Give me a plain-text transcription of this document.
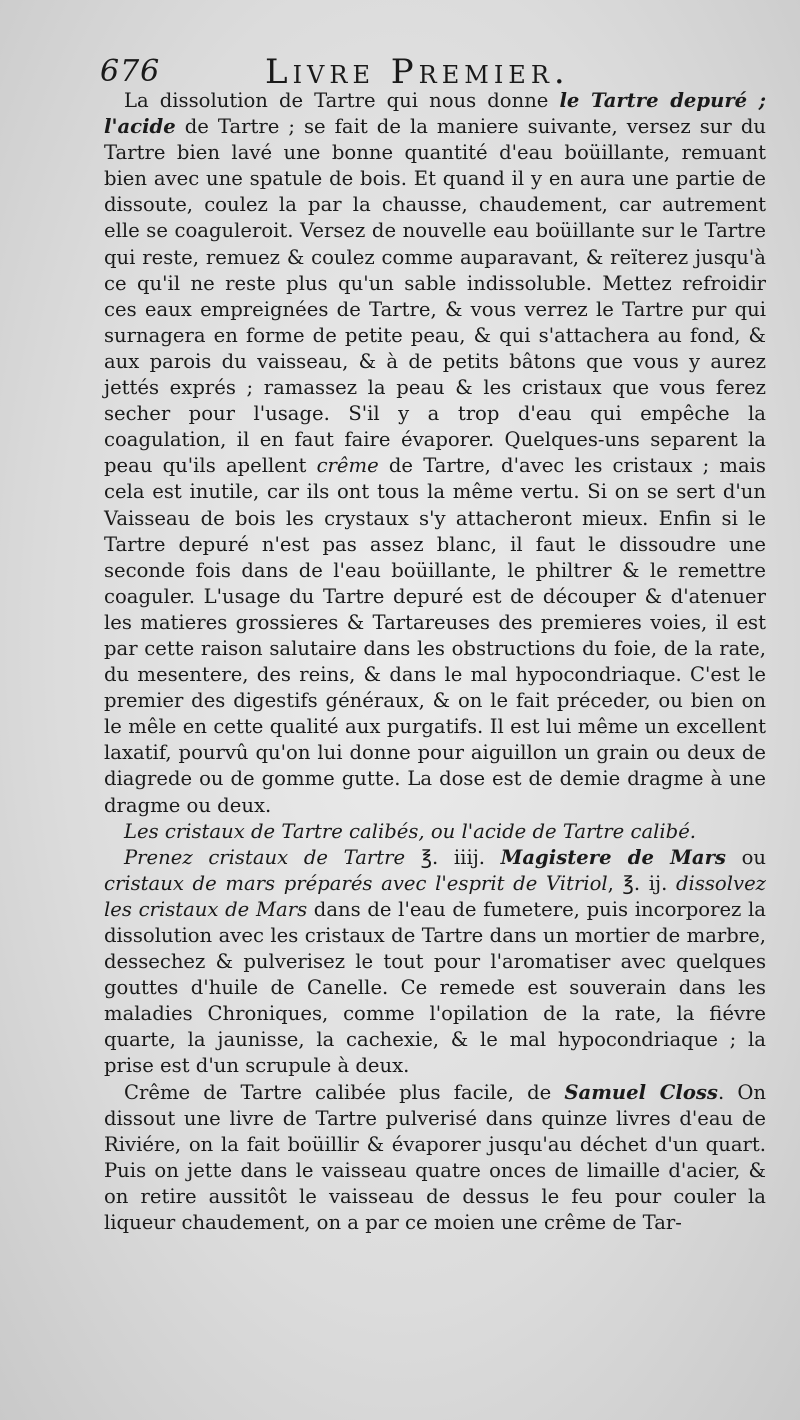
676	Livre Premier.

La dissolution de Tartre qui nous donne le Tartre depuré ; l'acide de Tartre ; se fait de la maniere suivante, versez sur du Tartre bien lavé une bonne quantité d'eau boüillante, remuant bien avec une spatule de bois. Et quand il y en aura une partie de dissoute, coulez la par la chausse, chaudement, car autrement elle se coaguleroit. Versez de nouvelle eau boüillante sur le Tartre qui reste, remuez & coulez comme auparavant, & reïterez jusqu'à ce qu'il ne reste plus qu'un sable indissoluble. Mettez refroidir ces eaux empreignées de Tartre, & vous verrez le Tartre pur qui surnagera en forme de petite peau, & qui s'attachera au fond, & aux parois du vaisseau, & à de petits bâtons que vous y aurez jettés exprés ; ramassez la peau & les cristaux que vous ferez secher pour l'usage. S'il y a trop d'eau qui empêche la coagulation, il en faut faire évaporer. Quelques-uns separent la peau qu'ils apellent crême de Tartre, d'avec les cristaux ; mais cela est inutile, car ils ont tous la même vertu. Si on se sert d'un Vaisseau de bois les crystaux s'y attacheront mieux. Enfin si le Tartre depuré n'est pas assez blanc, il faut le dissoudre une seconde fois dans de l'eau boüillante, le philtrer & le remettre coaguler. L'usage du Tartre depuré est de découper & d'atenuer les matieres grossieres & Tartareuses des premieres voies, il est par cette raison salutaire dans les obstructions du foie, de la rate, du mesentere, des reins, & dans le mal hypocondriaque. C'est le premier des digestifs généraux, & on le fait préceder, ou bien on le mêle en cette qualité aux purgatifs. Il est lui même un excellent laxatif, pourvû qu'on lui donne pour aiguillon un grain ou deux de diagrede ou de gomme gutte. La dose est de demie dragme à une dragme ou deux.

Les cristaux de Tartre calibés, ou l'acide de Tartre calibé.

Prenez cristaux de Tartre ℥. iiij. Magistere de Mars ou cristaux de mars préparés avec l'esprit de Vitriol, ℥. ij. dissolvez les cristaux de Mars dans de l'eau de fumetere, puis incorporez la dissolution avec les cristaux de Tartre dans un mortier de marbre, dessechez & pulverisez le tout pour l'aromatiser avec quelques gouttes d'huile de Canelle. Ce remede est souverain dans les maladies Chroniques, comme l'opilation de la rate, la fiévre quarte, la jaunisse, la cachexie, & le mal hypocondriaque ; la prise est d'un scrupule à deux.

Crême de Tartre calibée plus facile, de Samuel Closs. On dissout une livre de Tartre pulverisé dans quinze livres d'eau de Riviére, on la fait boüillir & évaporer jusqu'au déchet d'un quart. Puis on jette dans le vaisseau quatre onces de limaille d'acier, & on retire aussitôt le vaisseau de dessus le feu pour couler la liqueur chaudement, on a par ce moien une crême de Tar-
